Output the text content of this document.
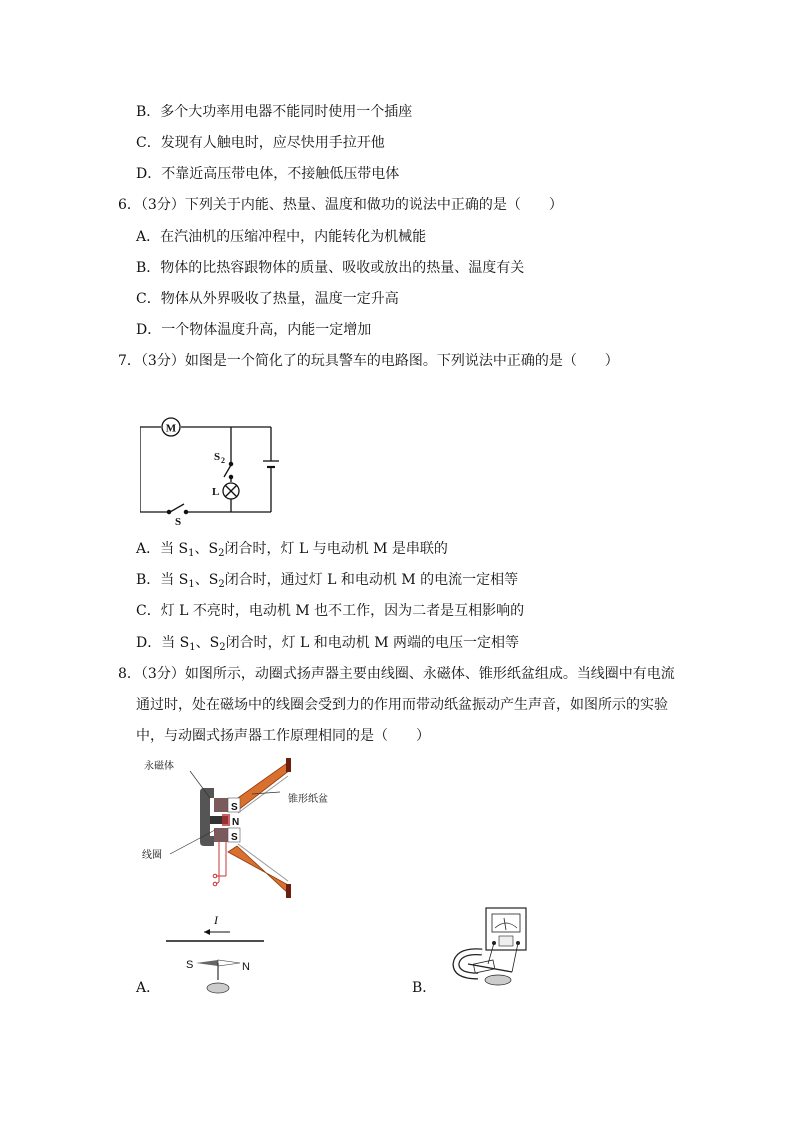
B．多个大功率用电器不能同时使用一个插座
C．发现有人触电时，应尽快用手拉开他
D．不靠近高压带电体，不接触低压带电体
6．（3分）下列关于内能、热量、温度和做功的说法中正确的是（　　）
A．在汽油机的压缩冲程中，内能转化为机械能
B．物体的比热容跟物体的质量、吸收或放出的热量、温度有关
C．物体从外界吸收了热量，温度一定升高
D．一个物体温度升高，内能一定增加
7．（3分）如图是一个简化了的玩具警车的电路图。下列说法中正确的是（　　）
M
S 2
L
S
A．当 $S_1$、$S_2$闭合时，灯 L 与电动机 M 是串联的
B．当 $S_1$、$S_2$闭合时，通过灯 L 和电动机 M 的电流一定相等
C．灯 L 不亮时，电动机 M 也不工作，因为二者是互相影响的
D．当 $S_1$、$S_2$闭合时，灯 L 和电动机 M 两端的电压一定相等
8．（3分）如图所示，动圈式扬声器主要由线圈、永磁体、锥形纸盆组成。当线圈中有电流
通过时，处在磁场中的线圈会受到力的作用而带动纸盆振动产生声音，如图所示的实验
中，与动圈式扬声器工作原理相同的是（　　）
永磁体
锥形纸盆
线圈
S
N
S
I
S	N
A．	B．
